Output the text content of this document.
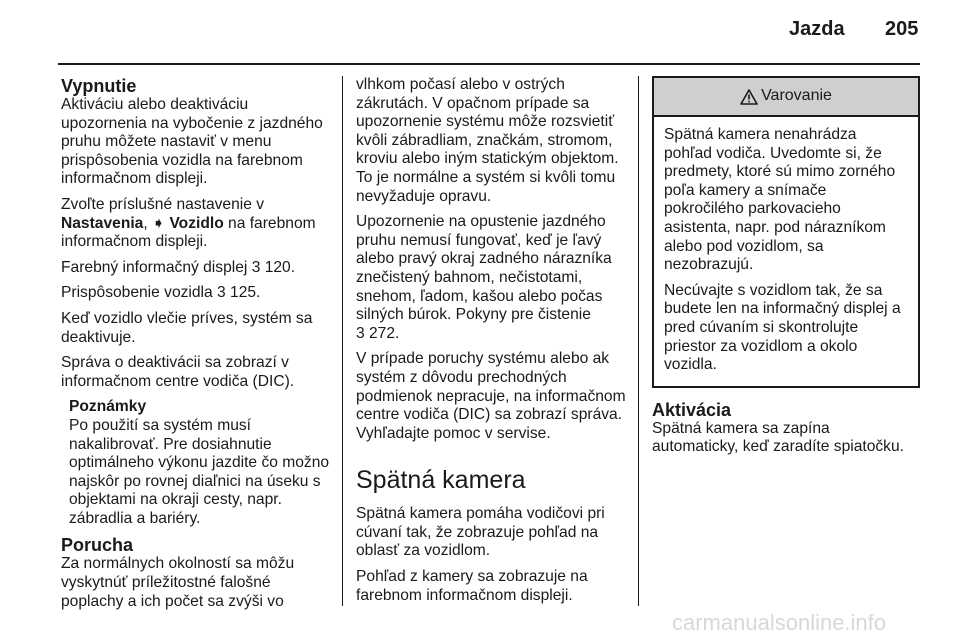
Jazda 205
Vypnutie

Aktiváciu alebo deaktiváciu upozornenia na vybočenie z jazdného pruhu môžete nastaviť v menu prispôsobenia vozidla na farebnom informačnom displeji.

Zvoľte príslušné nastavenie v Nastavenia, ➧ Vozidlo na farebnom informačnom displeji.

Farebný informačný displej 3 120.

Prispôsobenie vozidla 3 125.

Keď vozidlo vlečie príves, systém sa deaktivuje.

Správa o deaktivácii sa zobrazí v informačnom centre vodiča (DIC).

Poznámky

Po použití sa systém musí nakalibrovať. Pre dosiahnutie optimálneho výkonu jazdite čo možno najskôr po rovnej diaľnici na úseku s objektami na okraji cesty, napr. zábradlia a bariéry.

Porucha

Za normálnych okolností sa môžu vyskytnúť príležitostné falošné poplachy a ich počet sa zvýši vo

vlhkom počasí alebo v ostrých zákrutách. V opačnom prípade sa upozornenie systému môže rozsvietiť kvôli zábradliam, značkám, stromom, kroviu alebo iným statickým objektom. To je normálne a systém si kvôli tomu nevyžaduje opravu.

Upozornenie na opustenie jazdného pruhu nemusí fungovať, keď je ľavý alebo pravý okraj zadného nárazníka znečistený bahnom, nečistotami, snehom, ľadom, kašou alebo počas silných búrok. Pokyny pre čistenie
3 272.

V prípade poruchy systému alebo ak systém z dôvodu prechodných podmienok nepracuje, na informačnom centre vodiča (DIC) sa zobrazí správa. Vyhľadajte pomoc v servise.

Spätná kamera

Spätná kamera pomáha vodičovi pri cúvaní tak, že zobrazuje pohľad na oblasť za vozidlom.

Pohľad z kamery sa zobrazuje na farebnom informačnom displeji.

Varovanie

Spätná kamera nenahrádza pohľad vodiča. Uvedomte si, že predmety, ktoré sú mimo zorného poľa kamery a snímače pokročilého parkovacieho asistenta, napr. pod nárazníkom alebo pod vozidlom, sa nezobrazujú.

Necúvajte s vozidlom tak, že sa budete len na informačný displej a pred cúvaním si skontrolujte priestor za vozidlom a okolo vozidla.

Aktivácia

Spätná kamera sa zapína automaticky, keď zaradíte spiatočku.

carmanualsonline.info
